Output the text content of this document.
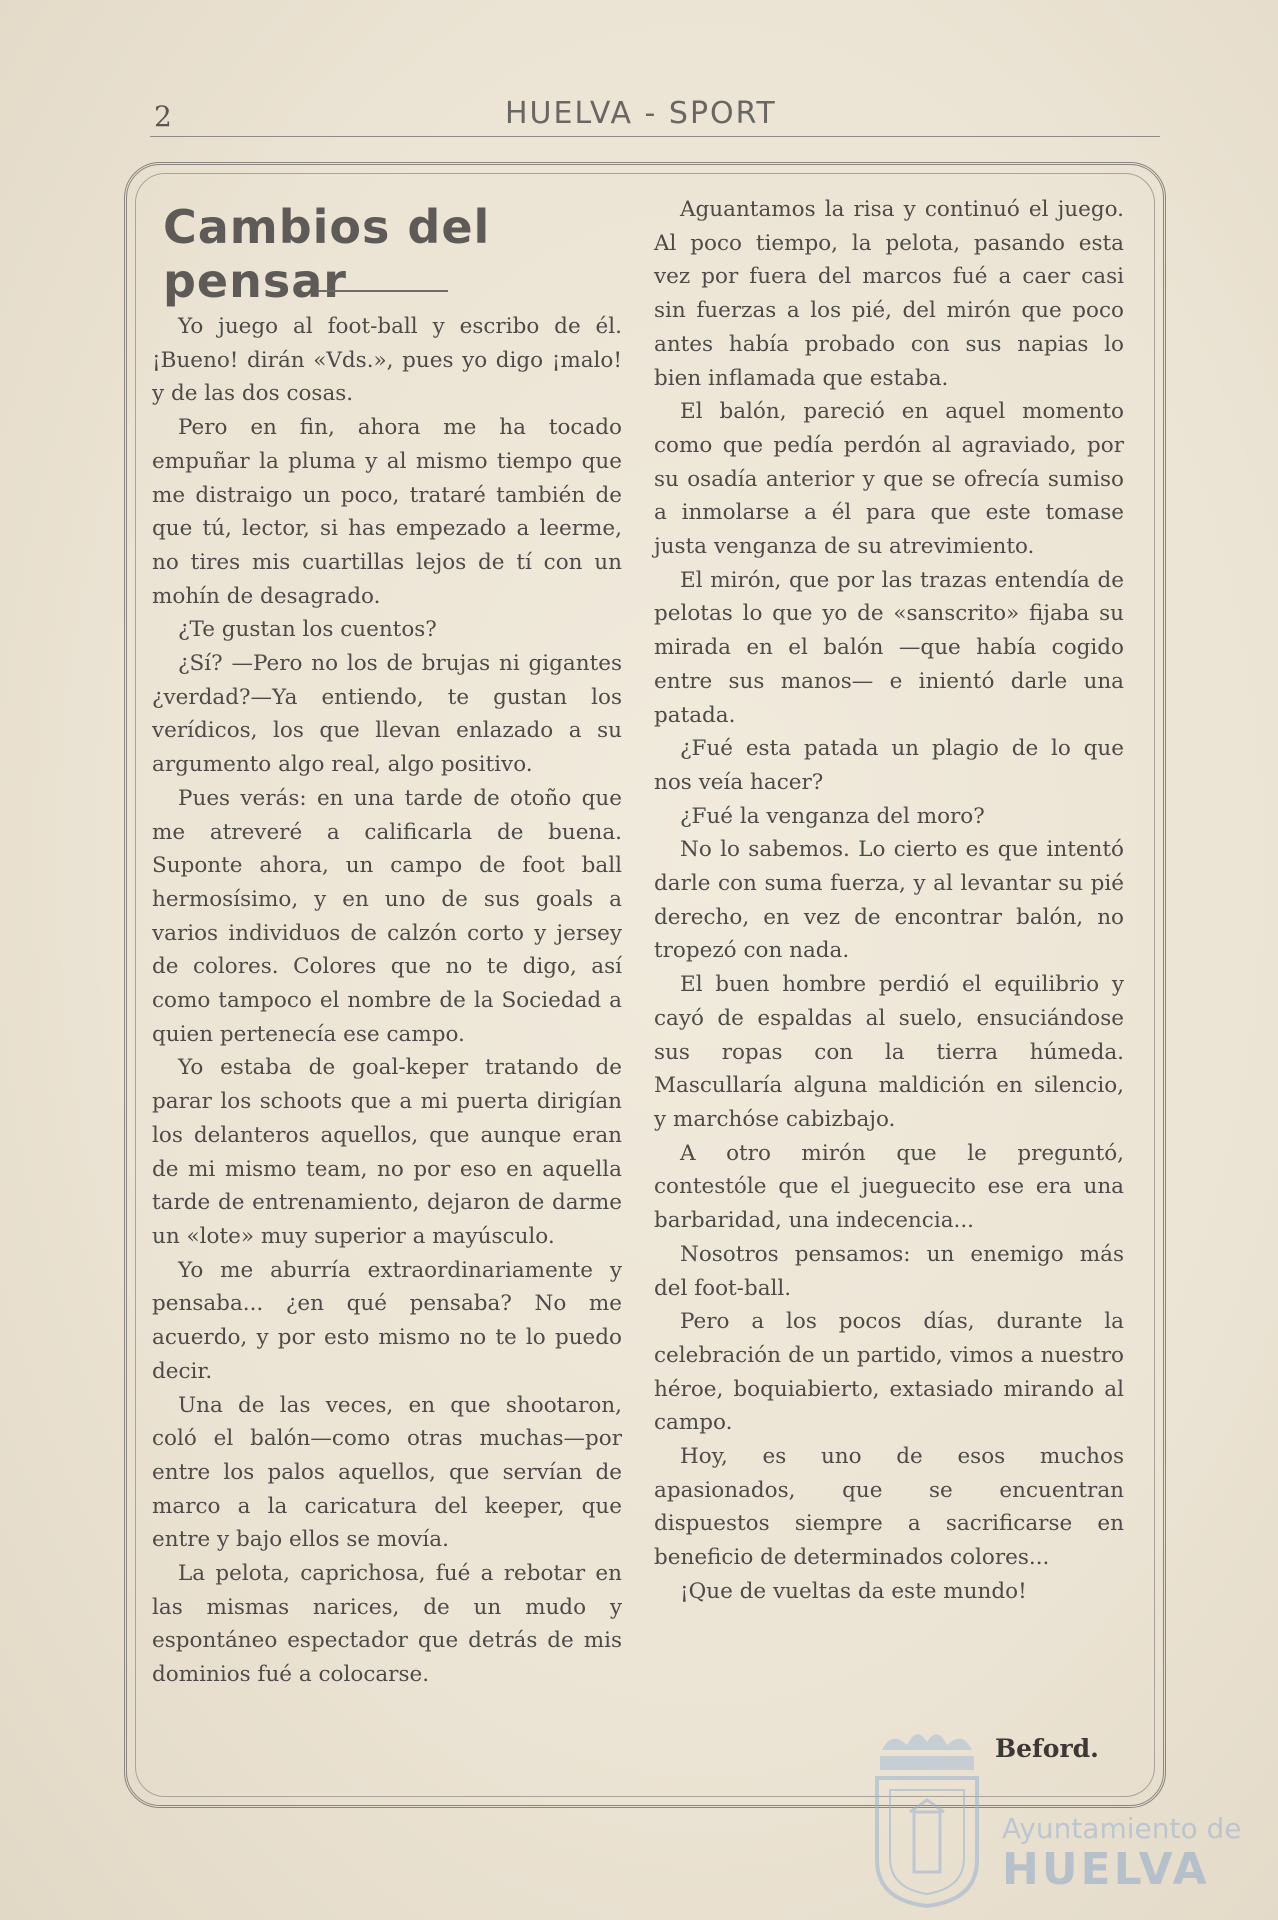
2	HUELVA - SPORT
Cambios del pensar

Yo juego al foot-ball y escribo de él. ¡Bueno! dirán «Vds.», pues yo digo ¡malo! y de las dos cosas.

Pero en fin, ahora me ha tocado empuñar la pluma y al mismo tiempo que me distraigo un poco, trataré también de que tú, lector, si has empezado a leerme, no tires mis cuartillas lejos de tí con un mohín de desagrado.

¿Te gustan los cuentos?

¿Sí? —Pero no los de brujas ni gigantes ¿verdad?—Ya entiendo, te gustan los verídicos, los que llevan enlazado a su argumento algo real, algo positivo.

Pues verás: en una tarde de otoño que me atreveré a calificarla de buena. Suponte ahora, un campo de foot ball hermosísimo, y en uno de sus goals a varios individuos de calzón corto y jersey de colores. Colores que no te digo, así como tampoco el nombre de la Sociedad a quien pertenecía ese campo.

Yo estaba de goal-keper tratando de parar los schoots que a mi puerta dirigían los delanteros aquellos, que aunque eran de mi mismo team, no por eso en aquella tarde de entrenamiento, dejaron de darme un «lote» muy superior a mayúsculo.

Yo me aburría extraordinariamente y pensaba... ¿en qué pensaba? No me acuerdo, y por esto mismo no te lo puedo decir.

Una de las veces, en que shootaron, coló el balón—como otras muchas—por entre los palos aquellos, que servían de marco a la caricatura del keeper, que entre y bajo ellos se movía.

La pelota, caprichosa, fué a rebotar en las mismas narices, de un mudo y espontáneo espectador que detrás de mis dominios fué a colocarse.

Aguantamos la risa y continuó el juego. Al poco tiempo, la pelota, pasando esta vez por fuera del marcos fué a caer casi sin fuerzas a los pié, del mirón que poco antes había probado con sus napias lo bien inflamada que estaba.

El balón, pareció en aquel momento como que pedía perdón al agraviado, por su osadía anterior y que se ofrecía sumiso a inmolarse a él para que este tomase justa venganza de su atrevimiento.

El mirón, que por las trazas entendía de pelotas lo que yo de «sanscrito» fijaba su mirada en el balón —que había cogido entre sus manos— e inientó darle una patada.

¿Fué esta patada un plagio de lo que nos veía hacer?

¿Fué la venganza del moro?

No lo sabemos. Lo cierto es que intentó darle con suma fuerza, y al levantar su pié derecho, en vez de encontrar balón, no tropezó con nada.

El buen hombre perdió el equilibrio y cayó de espaldas al suelo, ensuciándose sus ropas con la tierra húmeda. Mascullaría alguna maldición en silencio, y marchóse cabizbajo.

A otro mirón que le preguntó, contestóle que el jueguecito ese era una barbaridad, una indecencia...

Nosotros pensamos: un enemigo más del foot-ball.

Pero a los pocos días, durante la celebración de un partido, vimos a nuestro héroe, boquiabierto, extasiado mirando al campo.

Hoy, es uno de esos muchos apasionados, que se encuentran dispuestos siempre a sacrificarse en beneficio de determinados colores...

¡Que de vueltas da este mundo!

Beford.
Ayuntamiento de
HUELVA
